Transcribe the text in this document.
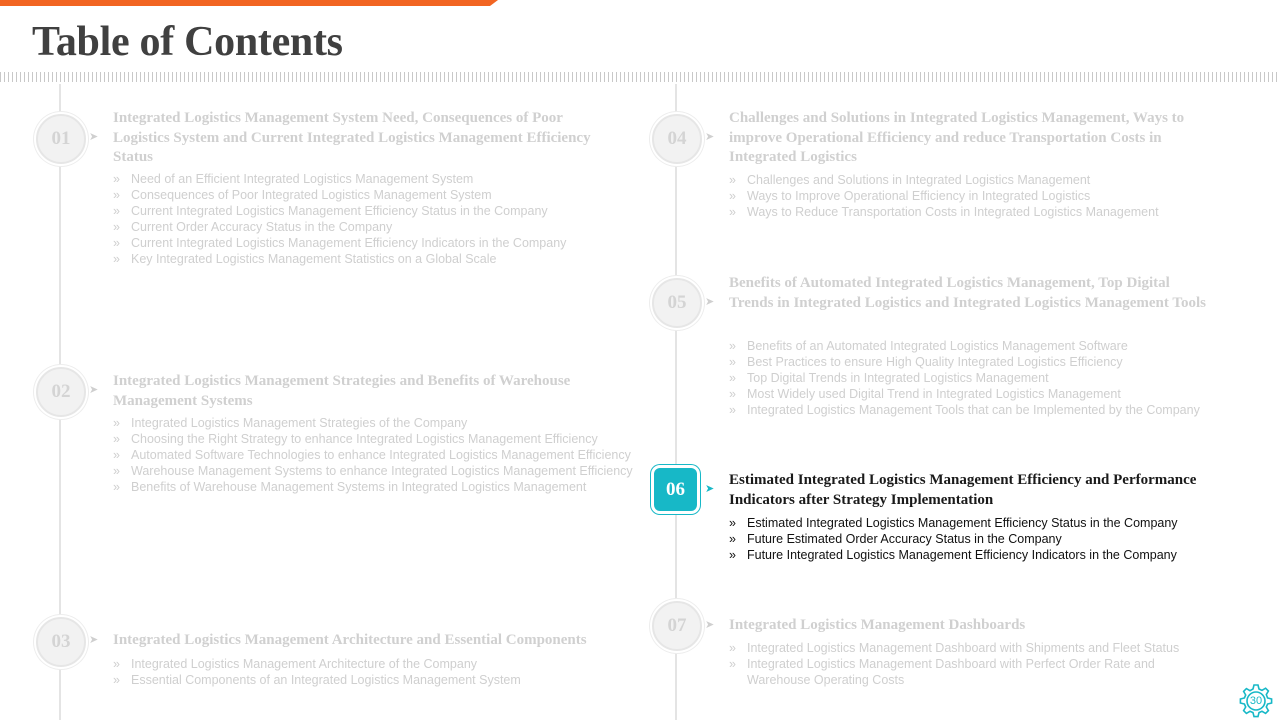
Table of Contents
01	➤
Integrated Logistics Management System Need, Consequences of Poor Logistics System and Current Integrated Logistics Management Efficiency Status
» Need of an Efficient Integrated Logistics Management System
» Consequences of Poor Integrated Logistics Management System
» Current Integrated Logistics Management Efficiency Status in the Company
» Current Order Accuracy Status in the Company
» Current Integrated Logistics Management Efficiency Indicators in the Company
» Key Integrated Logistics Management Statistics on a Global Scale
02	➤
Integrated Logistics Management Strategies and Benefits of Warehouse Management Systems
» Integrated Logistics Management Strategies of the Company
» Choosing the Right Strategy to enhance Integrated Logistics Management Efficiency
» Automated Software Technologies to enhance Integrated Logistics Management Efficiency
» Warehouse Management Systems to enhance Integrated Logistics Management Efficiency
» Benefits of Warehouse Management Systems in Integrated Logistics Management
03	➤ Integrated Logistics Management Architecture and Essential Components
» Integrated Logistics Management Architecture of the Company
» Essential Components of an Integrated Logistics Management System
04	➤
Challenges and Solutions in Integrated Logistics Management, Ways to improve Operational Efficiency and reduce Transportation Costs in Integrated Logistics
» Challenges and Solutions in Integrated Logistics Management
» Ways to Improve Operational Efficiency in Integrated Logistics
» Ways to Reduce Transportation Costs in Integrated Logistics Management
05	➤
Benefits of Automated Integrated Logistics Management, Top Digital Trends in Integrated Logistics and Integrated Logistics Management Tools
» Benefits of an Automated Integrated Logistics Management Software
» Best Practices to ensure High Quality Integrated Logistics Efficiency
» Top Digital Trends in Integrated Logistics Management
» Most Widely used Digital Trend in Integrated Logistics Management
» Integrated Logistics Management Tools that can be Implemented by the Company
06	➤
Estimated Integrated Logistics Management Efficiency and Performance Indicators after Strategy Implementation
» Estimated Integrated Logistics Management Efficiency Status in the Company
» Future Estimated Order Accuracy Status in the Company
» Future Integrated Logistics Management Efficiency Indicators in the Company
07	➤ Integrated Logistics Management Dashboards
» Integrated Logistics Management Dashboard with Shipments and Fleet Status
» Integrated Logistics Management Dashboard with Perfect Order Rate and Warehouse Operating Costs
30
